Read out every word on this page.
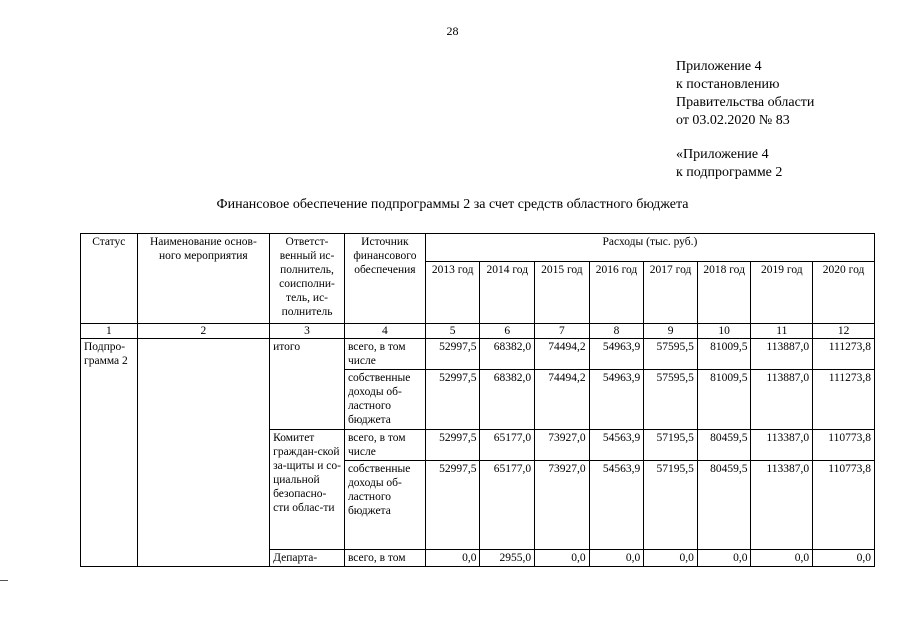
28
Приложение 4
к постановлению
Правительства области
от 03.02.2020 № 83
«Приложение 4
к подпрограмме 2
Финансовое обеспечение подпрограммы 2 за счет средств областного бюджета
Статус	Наименование основ-ного мероприятия	Ответст-венный ис-полнитель, соисполни-тель, ис-полнитель	Источник финансового обеспечения	Расходы (тыс. руб.)							
				2013 год	2014 год	2015 год	2016 год	2017 год	2018 год	2019 год	2020 год
1	2	3	4	5	6	7	8	9	10	11	12
Подпро-грамма 2		итого	всего, в том числе	52997,5	68382,0	74494,2	54963,9	57595,5	81009,5	113887,0	111273,8
			собственные доходы об-ластного бюджета	52997,5	68382,0	74494,2	54963,9	57595,5	81009,5	113887,0	111273,8
		Комитет граждан-ской за-щиты и со-циальной безопасно-сти облас-ти	всего, в том числе	52997,5	65177,0	73927,0	54563,9	57195,5	80459,5	113387,0	110773,8
			собственные доходы об-ластного бюджета	52997,5	65177,0	73927,0	54563,9	57195,5	80459,5	113387,0	110773,8
		Департа-	всего, в том	0,0	2955,0	0,0	0,0	0,0	0,0	0,0	0,0
